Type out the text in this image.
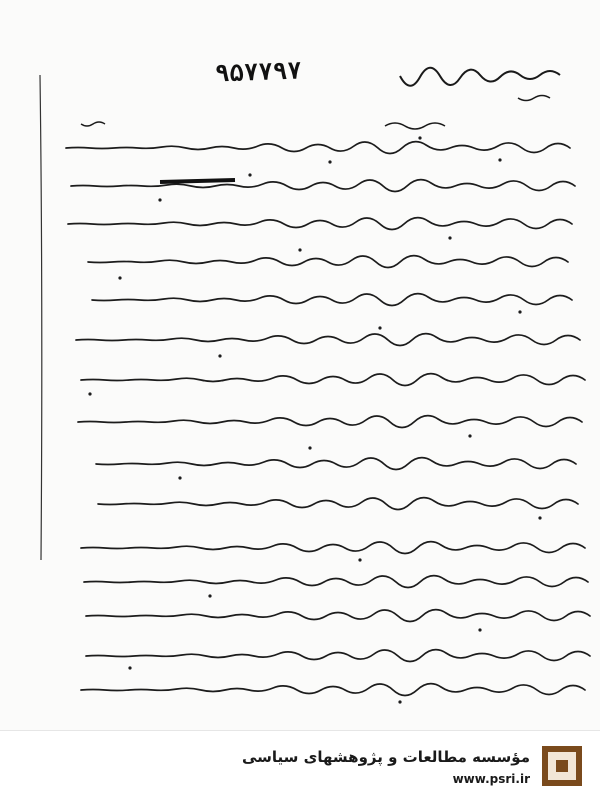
۹۵۷۷۹۷
مؤسسه مطالعات و پژوهشهای سیاسی
www.psri.ir
